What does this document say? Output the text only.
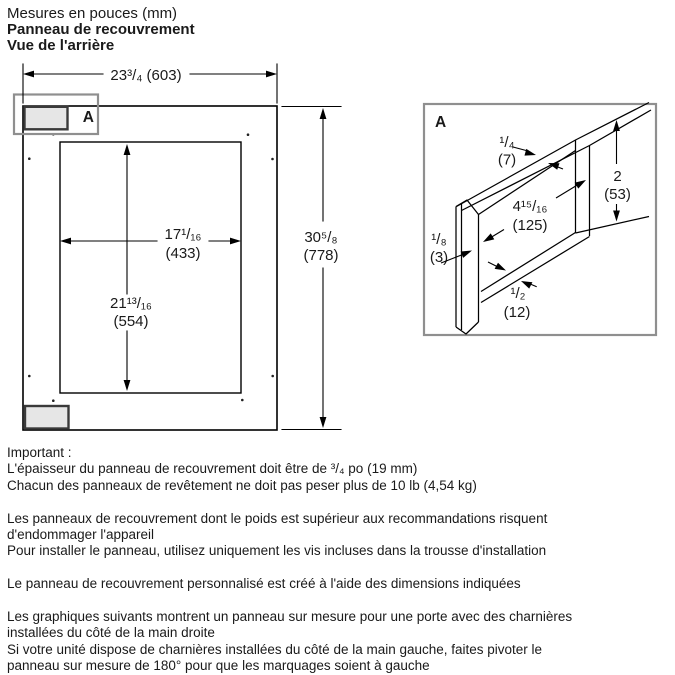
Mesures en pouces (mm)
Panneau de recouvrement
Vue de l'arrière
A
23³/₄ (603)
30⁵/₈
(778)
17¹/₁₆
(433)
21¹³/₁₆
(554)
A
¹/₄
(7)
2
(53)
4¹⁵/₁₆
(125)
¹/₈
(3)
¹/₂
(12)
Important :
L'épaisseur du panneau de recouvrement doit être de ³/₄ po (19 mm)
Chacun des panneaux de revêtement ne doit pas peser plus de 10 lb (4,54 kg)
Les panneaux de recouvrement dont le poids est supérieur aux recommandations risquent
d'endommager l'appareil
Pour installer le panneau, utilisez uniquement les vis incluses dans la trousse d'installation
Le panneau de recouvrement personnalisé est créé à l'aide des dimensions indiquées
Les graphiques suivants montrent un panneau sur mesure pour une porte avec des charnières
installées du côté de la main droite
Si votre unité dispose de charnières installées du côté de la main gauche, faites pivoter le
panneau sur mesure de 180° pour que les marquages soient à gauche
